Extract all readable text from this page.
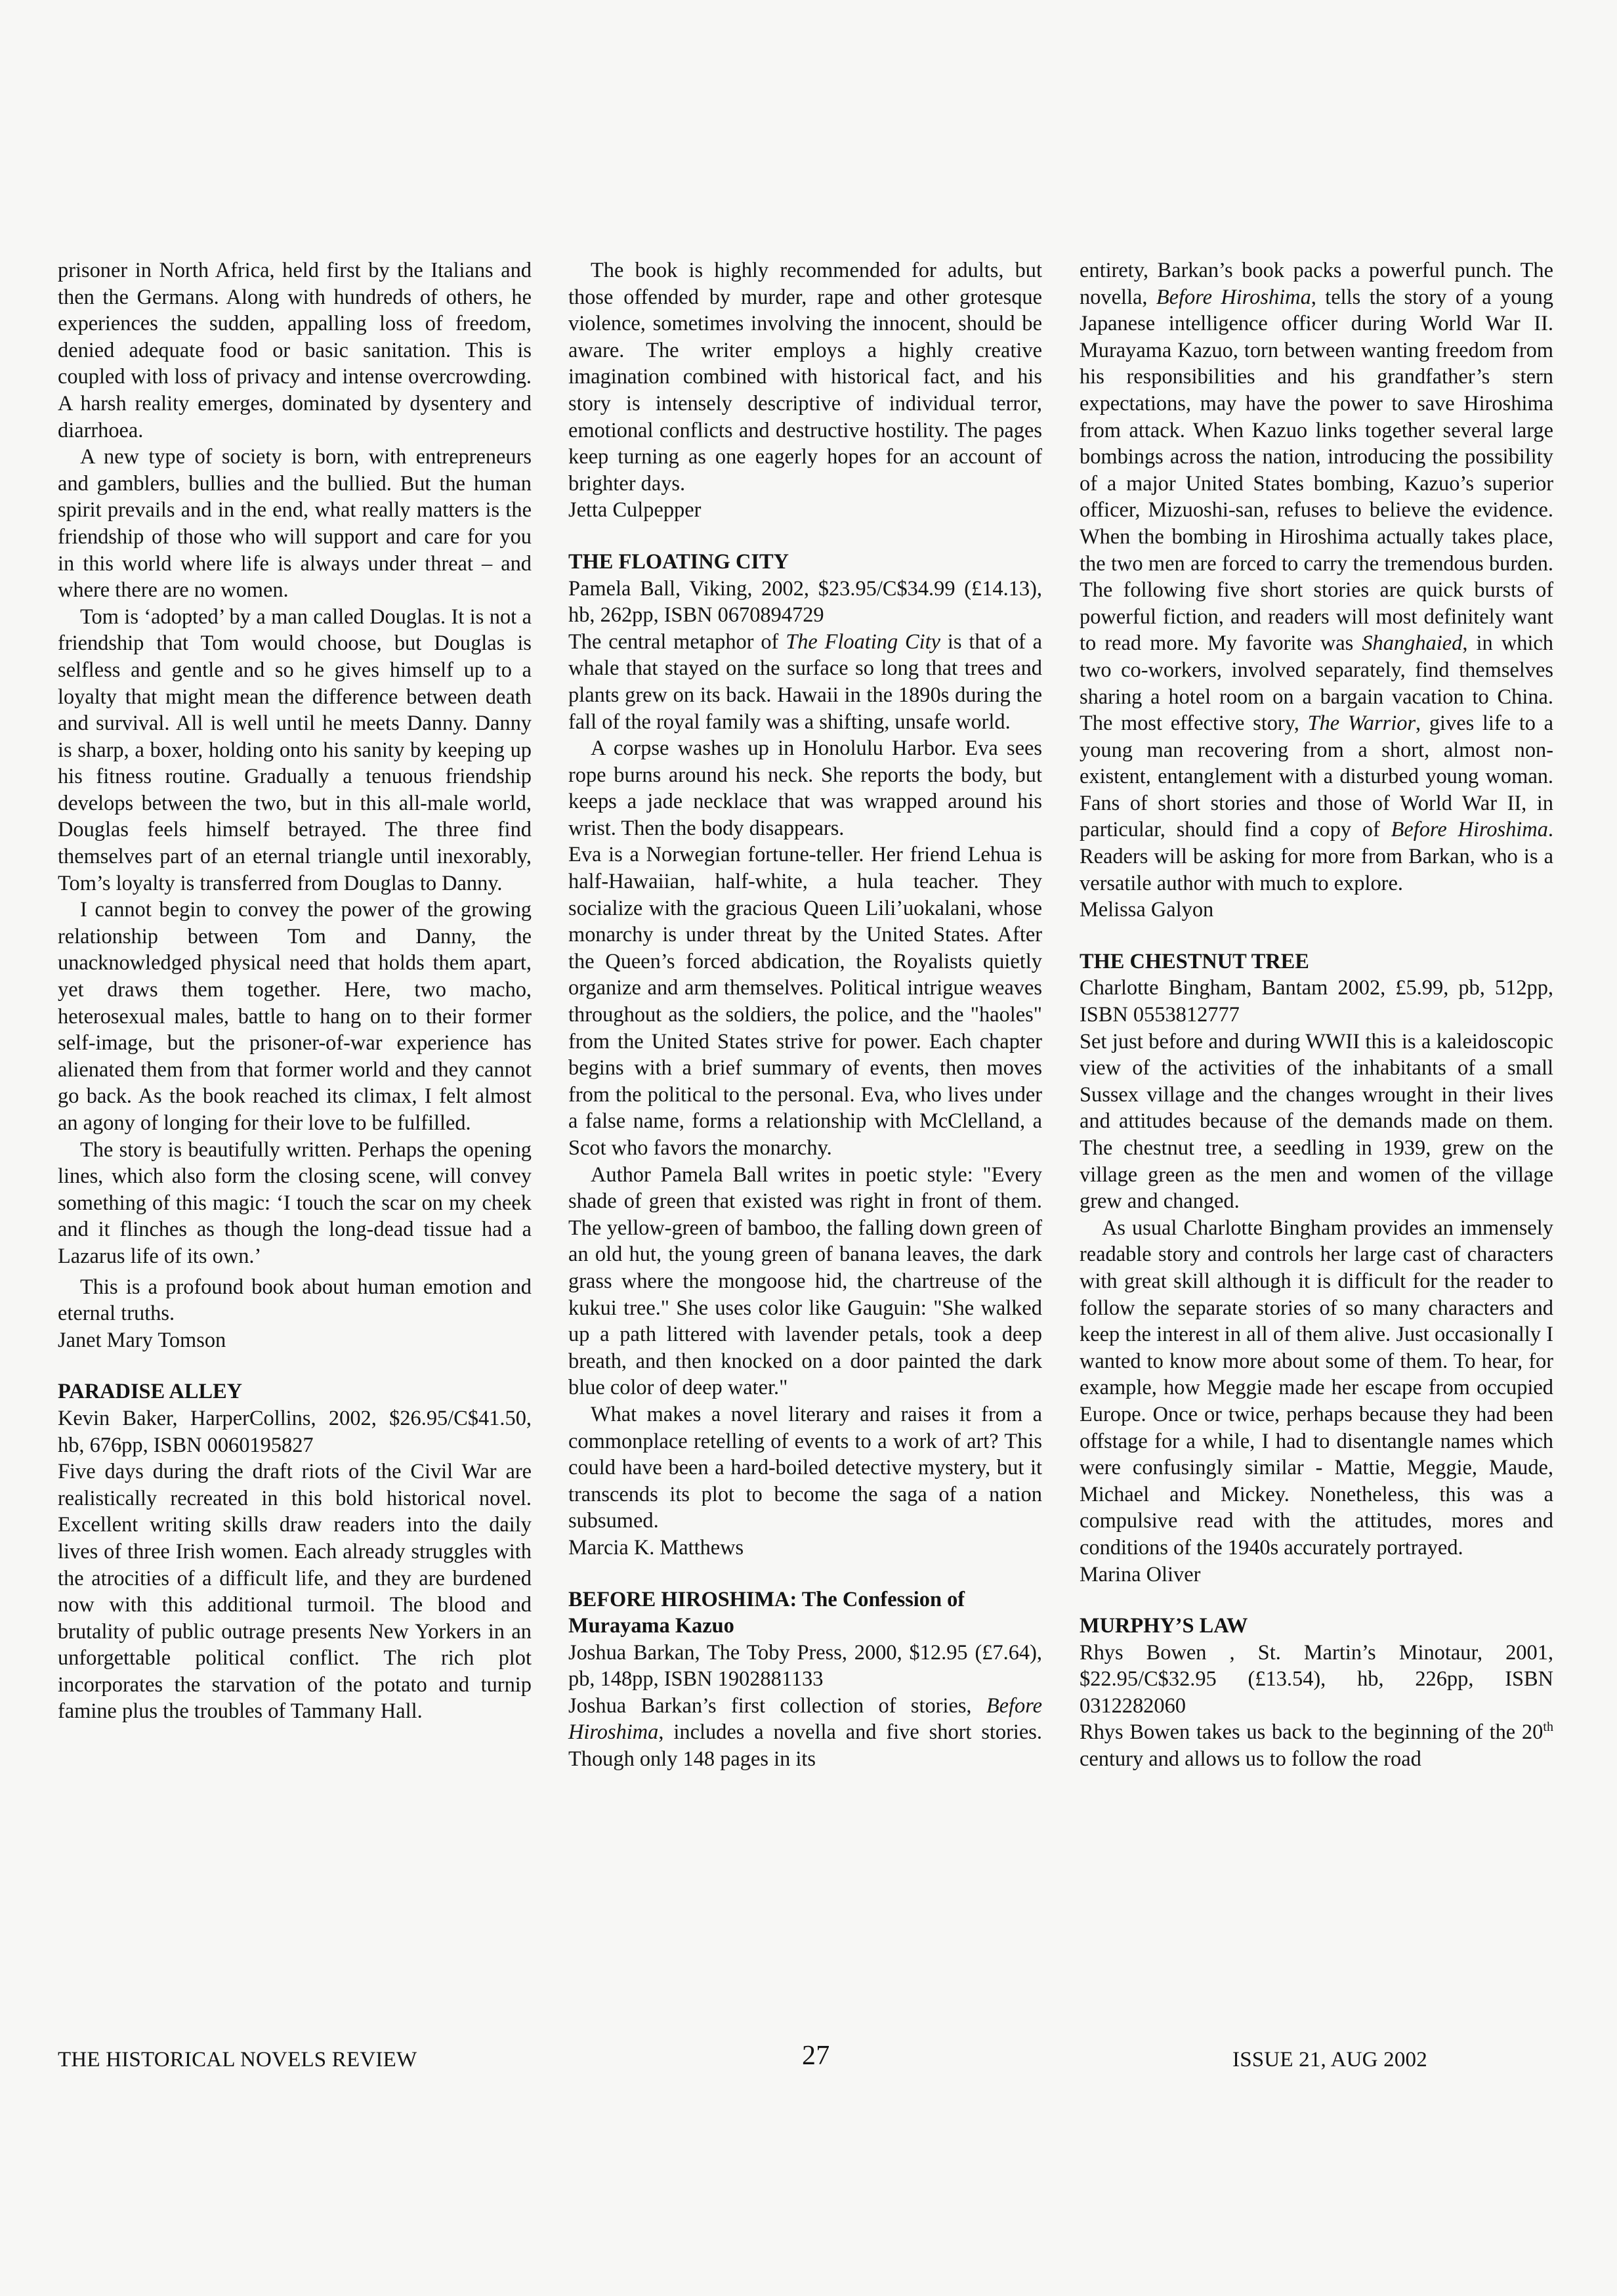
prisoner in North Africa, held first by the Italians and then the Germans. Along with hundreds of others, he experiences the sudden, appalling loss of freedom, denied adequate food or basic sanitation. This is coupled with loss of privacy and intense overcrowding. A harsh reality emerges, dominated by dysentery and diarrhoea.

A new type of society is born, with entrepreneurs and gamblers, bullies and the bullied. But the human spirit prevails and in the end, what really matters is the friendship of those who will support and care for you in this world where life is always under threat – and where there are no women.

Tom is ‘adopted’ by a man called Douglas. It is not a friendship that Tom would choose, but Douglas is selfless and gentle and so he gives himself up to a loyalty that might mean the difference between death and survival. All is well until he meets Danny. Danny is sharp, a boxer, holding onto his sanity by keeping up his fitness routine. Gradually a tenuous friendship develops between the two, but in this all-male world, Douglas feels himself betrayed. The three find themselves part of an eternal triangle until inexorably, Tom’s loyalty is transferred from Douglas to Danny.

I cannot begin to convey the power of the growing relationship between Tom and Danny, the unacknowledged physical need that holds them apart, yet draws them together. Here, two macho, heterosexual males, battle to hang on to their former self-image, but the prisoner-of-war experience has alienated them from that former world and they cannot go back. As the book reached its climax, I felt almost an agony of longing for their love to be fulfilled.

The story is beautifully written. Perhaps the opening lines, which also form the closing scene, will convey something of this magic: ‘I touch the scar on my cheek and it flinches as though the long-dead tissue had a Lazarus life of its own.’

This is a profound book about human emotion and eternal truths.

Janet Mary Tomson

PARADISE ALLEY

Kevin Baker, HarperCollins, 2002, $26.95/C$41.50, hb, 676pp, ISBN 0060195827

Five days during the draft riots of the Civil War are realistically recreated in this bold historical novel. Excellent writing skills draw readers into the daily lives of three Irish women. Each already struggles with the atrocities of a difficult life, and they are burdened now with this additional turmoil. The blood and brutality of public outrage presents New Yorkers in an unforgettable political conflict. The rich plot incorporates the starvation of the potato and turnip famine plus the troubles of Tammany Hall.

The book is highly recommended for adults, but those offended by murder, rape and other grotesque violence, sometimes involving the innocent, should be aware. The writer employs a highly creative imagination combined with historical fact, and his story is intensely descriptive of individual terror, emotional conflicts and destructive hostility. The pages keep turning as one eagerly hopes for an account of brighter days.

Jetta Culpepper

THE FLOATING CITY

Pamela Ball, Viking, 2002, $23.95/C$34.99 (£14.13), hb, 262pp, ISBN 0670894729

The central metaphor of The Floating City is that of a whale that stayed on the surface so long that trees and plants grew on its back. Hawaii in the 1890s during the fall of the royal family was a shifting, unsafe world.

A corpse washes up in Honolulu Harbor. Eva sees rope burns around his neck. She reports the body, but keeps a jade necklace that was wrapped around his wrist. Then the body disappears.

Eva is a Norwegian fortune-teller. Her friend Lehua is half-Hawaiian, half-white, a hula teacher. They socialize with the gracious Queen Lili’uokalani, whose monarchy is under threat by the United States. After the Queen’s forced abdication, the Royalists quietly organize and arm themselves. Political intrigue weaves throughout as the soldiers, the police, and the "haoles" from the United States strive for power. Each chapter begins with a brief summary of events, then moves from the political to the personal. Eva, who lives under a false name, forms a relationship with McClelland, a Scot who favors the monarchy.

Author Pamela Ball writes in poetic style: "Every shade of green that existed was right in front of them. The yellow-green of bamboo, the falling down green of an old hut, the young green of banana leaves, the dark grass where the mongoose hid, the chartreuse of the kukui tree." She uses color like Gauguin: "She walked up a path littered with lavender petals, took a deep breath, and then knocked on a door painted the dark blue color of deep water."

What makes a novel literary and raises it from a commonplace retelling of events to a work of art? This could have been a hard-boiled detective mystery, but it transcends its plot to become the saga of a nation subsumed.

Marcia K. Matthews

BEFORE HIROSHIMA: The Confession of Murayama Kazuo

Joshua Barkan, The Toby Press, 2000, $12.95 (£7.64), pb, 148pp, ISBN 1902881133

Joshua Barkan’s first collection of stories, Before Hiroshima, includes a novella and five short stories. Though only 148 pages in its

entirety, Barkan’s book packs a powerful punch. The novella, Before Hiroshima, tells the story of a young Japanese intelligence officer during World War II. Murayama Kazuo, torn between wanting freedom from his responsibilities and his grandfather’s stern expectations, may have the power to save Hiroshima from attack. When Kazuo links together several large bombings across the nation, introducing the possibility of a major United States bombing, Kazuo’s superior officer, Mizuoshi-san, refuses to believe the evidence. When the bombing in Hiroshima actually takes place, the two men are forced to carry the tremendous burden. The following five short stories are quick bursts of powerful fiction, and readers will most definitely want to read more. My favorite was Shanghaied, in which two co-workers, involved separately, find themselves sharing a hotel room on a bargain vacation to China. The most effective story, The Warrior, gives life to a young man recovering from a short, almost non-existent, entanglement with a disturbed young woman. Fans of short stories and those of World War II, in particular, should find a copy of Before Hiroshima. Readers will be asking for more from Barkan, who is a versatile author with much to explore.

Melissa Galyon

THE CHESTNUT TREE

Charlotte Bingham, Bantam 2002, £5.99, pb, 512pp, ISBN 0553812777

Set just before and during WWII this is a kaleidoscopic view of the activities of the inhabitants of a small Sussex village and the changes wrought in their lives and attitudes because of the demands made on them. The chestnut tree, a seedling in 1939, grew on the village green as the men and women of the village grew and changed.

As usual Charlotte Bingham provides an immensely readable story and controls her large cast of characters with great skill although it is difficult for the reader to follow the separate stories of so many characters and keep the interest in all of them alive. Just occasionally I wanted to know more about some of them. To hear, for example, how Meggie made her escape from occupied Europe. Once or twice, perhaps because they had been offstage for a while, I had to disentangle names which were confusingly similar - Mattie, Meggie, Maude, Michael and Mickey. Nonetheless, this was a compulsive read with the attitudes, mores and conditions of the 1940s accurately portrayed.

Marina Oliver

MURPHY’S LAW

Rhys Bowen , St. Martin’s Minotaur, 2001, $22.95/C$32.95 (£13.54), hb, 226pp, ISBN 0312282060

Rhys Bowen takes us back to the beginning of the 20th century and allows us to follow the road

THE HISTORICAL NOVELS REVIEW	27	ISSUE 21, AUG 2002
